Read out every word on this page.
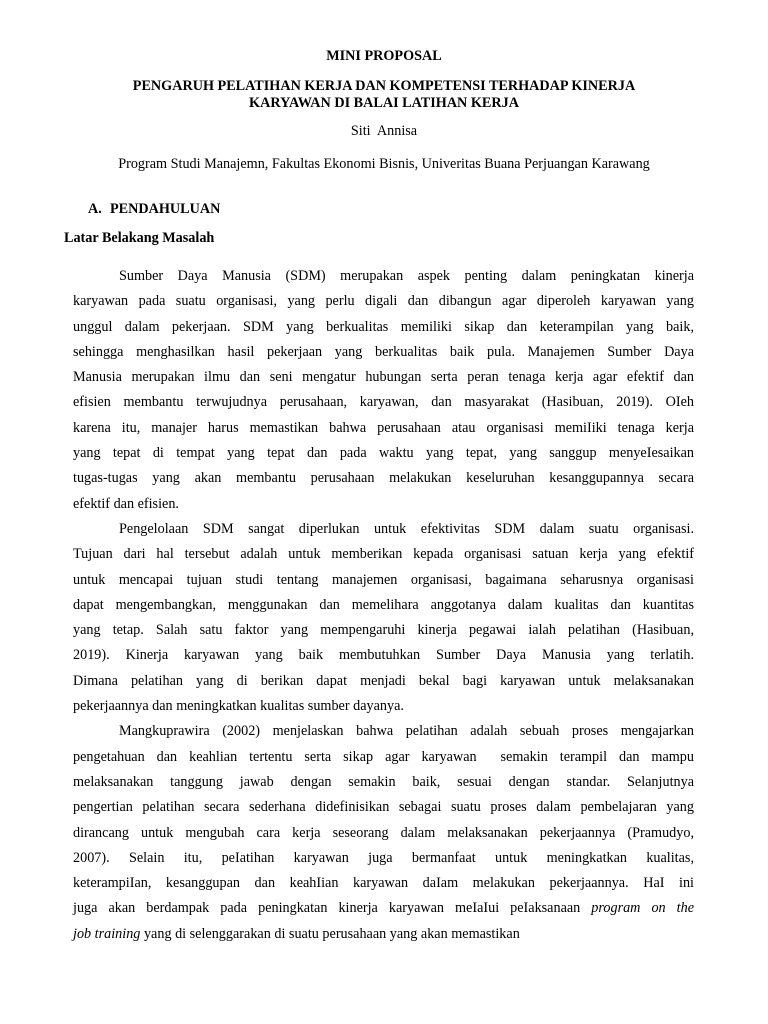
MINI PROPOSAL
PENGARUH PELATIHAN KERJA DAN KOMPETENSI TERHADAP KINERJA
KARYAWAN DI BALAI LATIHAN KERJA
Siti  Annisa
Program Studi Manajemn, Fakultas Ekonomi Bisnis, Univeritas Buana Perjuangan Karawang
A. PENDAHULUAN
Latar Belakang Masalah
Sumber Daya Manusia (SDM) merupakan aspek penting dalam peningkatan kinerja
karyawan pada suatu organisasi, yang perlu digali dan dibangun agar diperoleh karyawan yang
unggul dalam pekerjaan. SDM yang berkualitas memiliki sikap dan keterampilan yang baik,
sehingga menghasilkan hasil pekerjaan yang berkualitas baik pula. Manajemen Sumber Daya
Manusia merupakan ilmu dan seni mengatur hubungan serta peran tenaga kerja agar efektif dan
efisien membantu terwujudnya perusahaan, karyawan, dan masyarakat (Hasibuan, 2019). OIeh
karena itu, manajer harus memastikan bahwa perusahaan atau organisasi memiIiki tenaga kerja
yang tepat di tempat yang tepat dan pada waktu yang tepat, yang sanggup menyeIesaikan
tugas-tugas yang akan membantu perusahaan melakukan keseluruhan kesanggupannya secara
efektif dan efisien.
Pengelolaan SDM sangat diperlukan untuk efektivitas SDM dalam suatu organisasi.
Tujuan dari hal tersebut adalah untuk memberikan kepada organisasi satuan kerja yang efektif
untuk mencapai tujuan studi tentang manajemen organisasi, bagaimana seharusnya organisasi
dapat mengembangkan, menggunakan dan memelihara anggotanya dalam kualitas dan kuantitas
yang tetap. Salah satu faktor yang mempengaruhi kinerja pegawai ialah pelatihan (Hasibuan,
2019). Kinerja karyawan yang baik membutuhkan Sumber Daya Manusia yang terlatih.
Dimana pelatihan yang di berikan dapat menjadi bekal bagi karyawan untuk melaksanakan
pekerjaannya dan meningkatkan kualitas sumber dayanya.
Mangkuprawira (2002) menjelaskan bahwa pelatihan adalah sebuah proses mengajarkan
pengetahuan dan keahlian tertentu serta sikap agar karyawan  semakin terampil dan mampu
melaksanakan tanggung jawab dengan semakin baik, sesuai dengan standar. Selanjutnya
pengertian pelatihan secara sederhana didefinisikan sebagai suatu proses dalam pembelajaran yang
dirancang untuk mengubah cara kerja seseorang dalam melaksanakan pekerjaannya (Pramudyo,
2007). Selain itu, peIatihan karyawan juga bermanfaat untuk meningkatkan kualitas,
keterampiIan, kesanggupan dan keahIian karyawan daIam melakukan pekerjaannya. HaI ini
juga akan berdampak pada peningkatan kinerja karyawan meIaIui peIaksanaan program on the
job training yang di selenggarakan di suatu perusahaan yang akan memastikan
